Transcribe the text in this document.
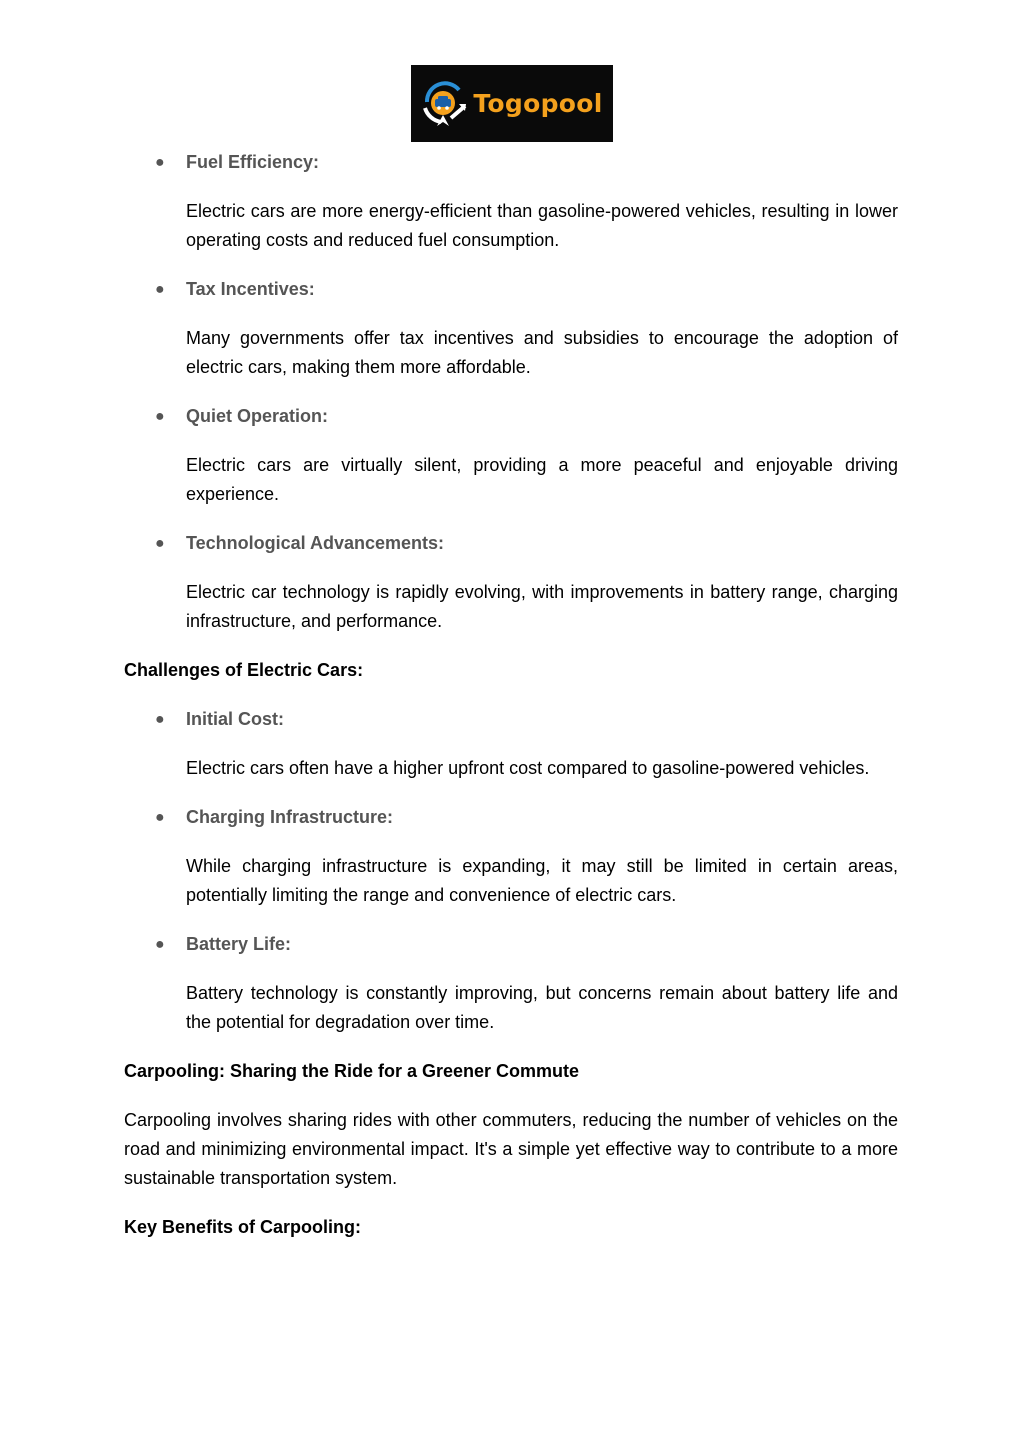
Togopool
● Fuel Efficiency:

Electric cars are more energy-efficient than gasoline-powered vehicles, resulting in lower operating costs and reduced fuel consumption.

● Tax Incentives:

Many governments offer tax incentives and subsidies to encourage the adoption of electric cars, making them more affordable.

● Quiet Operation:

Electric cars are virtually silent, providing a more peaceful and enjoyable driving experience.

● Technological Advancements:

Electric car technology is rapidly evolving, with improvements in battery range, charging infrastructure, and performance.

Challenges of Electric Cars:
● Initial Cost:

Electric cars often have a higher upfront cost compared to gasoline-powered vehicles.

● Charging Infrastructure:

While charging infrastructure is expanding, it may still be limited in certain areas, potentially limiting the range and convenience of electric cars.

● Battery Life:

Battery technology is constantly improving, but concerns remain about battery life and the potential for degradation over time.

Carpooling: Sharing the Ride for a Greener Commute

Carpooling involves sharing rides with other commuters, reducing the number of vehicles on the road and minimizing environmental impact. It's a simple yet effective way to contribute to a more sustainable transportation system.

Key Benefits of Carpooling:
